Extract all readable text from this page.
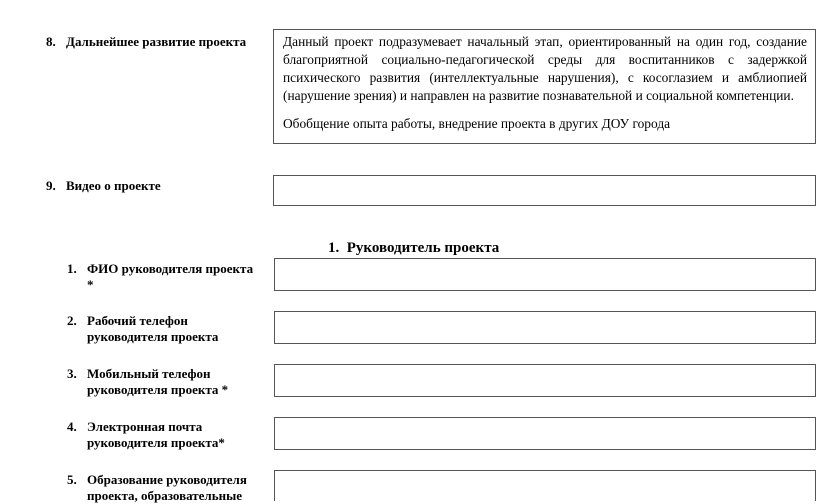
8. Дальнейшее развитие проекта	Данный проект подразумевает начальный этап, ориентированный на один год, создание благоприятной социально-педагогической среды для воспитанников с задержкой психического развития (интеллектуальные нарушения), с косоглазием и амблиопией (нарушение зрения) и направлен на развитие познавательной и социальной компетенции.

Обобщение опыта работы, внедрение проекта в других ДОУ города

9. Видео о проекте
1. Руководитель проекта
1. ФИО руководителя проекта
*
2. Рабочий телефон
руководителя проекта
3. Мобильный телефон
руководителя проекта *
4. Электронная почта
руководителя проекта*
5. Образование руководителя
проекта, образовательные
